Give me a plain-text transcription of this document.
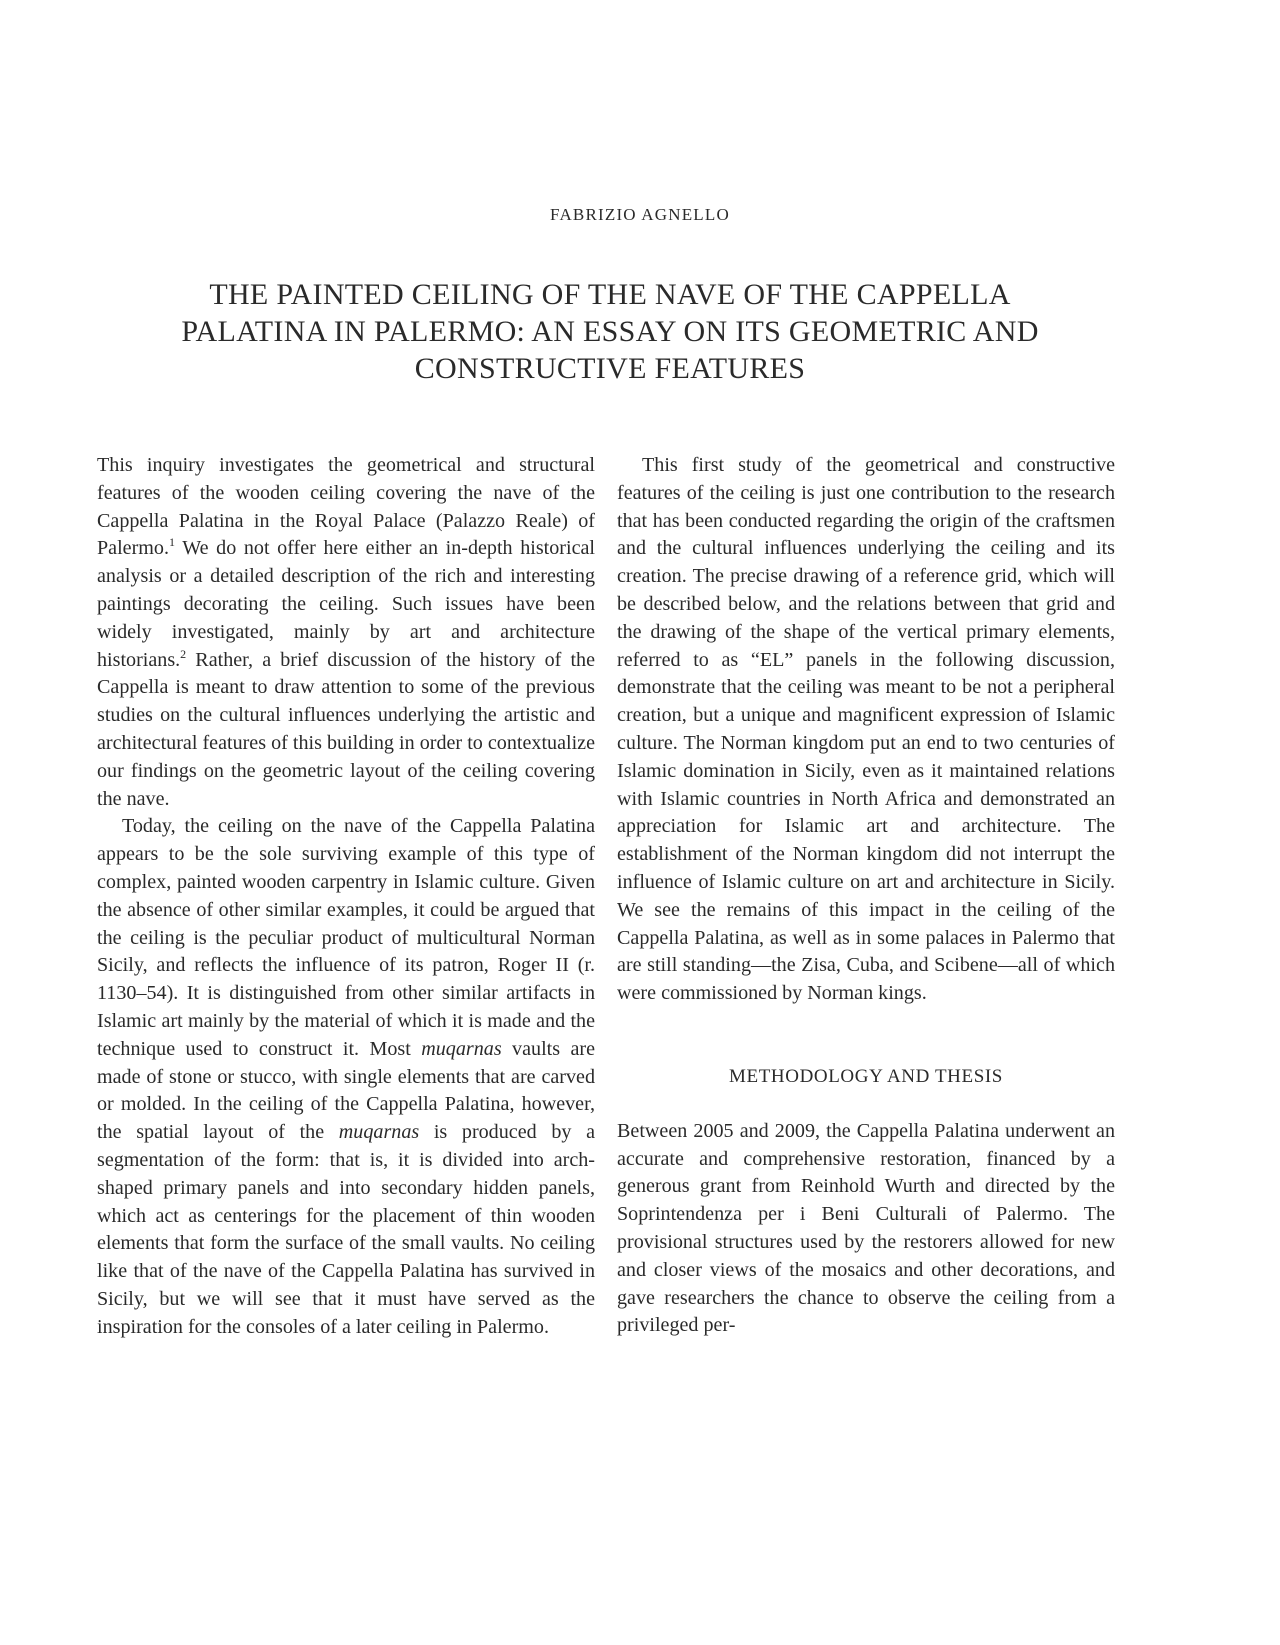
FABRIZIO AGNELLO
THE PAINTED CEILING OF THE NAVE OF THE CAPPELLA
PALATINA IN PALERMO: AN ESSAY ON ITS GEOMETRIC AND
CONSTRUCTIVE FEATURES

This inquiry investigates the geometrical and structural features of the wooden ceiling covering the nave of the Cappella Palatina in the Royal Palace (Palazzo Reale) of Palermo.$^1$ We do not offer here either an in-depth historical analysis or a detailed description of the rich and interesting paintings decorating the ceiling. Such issues have been widely investigated, mainly by art and architecture historians.$^2$ Rather, a brief discussion of the history of the Cappella is meant to draw attention to some of the previous studies on the cultural influences underlying the artistic and architectural features of this building in order to contextualize our findings on the geometric layout of the ceiling covering the nave.

Today, the ceiling on the nave of the Cappella Palatina appears to be the sole surviving example of this type of complex, painted wooden carpentry in Islamic culture. Given the absence of other similar examples, it could be argued that the ceiling is the peculiar product of multicultural Norman Sicily, and reflects the influence of its patron, Roger II (r. 1130–54). It is distinguished from other similar artifacts in Islamic art mainly by the material of which it is made and the technique used to construct it. Most muqarnas vaults are made of stone or stucco, with single elements that are carved or molded. In the ceiling of the Cappella Palatina, however, the spatial layout of the muqarnas is produced by a segmentation of the form: that is, it is divided into arch-shaped primary panels and into secondary hidden panels, which act as centerings for the placement of thin wooden elements that form the surface of the small vaults. No ceiling like that of the nave of the Cappella Palatina has survived in Sicily, but we will see that it must have served as the inspiration for the consoles of a later ceiling in Palermo.

This first study of the geometrical and constructive features of the ceiling is just one contribution to the research that has been conducted regarding the origin of the craftsmen and the cultural influences underlying the ceiling and its creation. The precise drawing of a reference grid, which will be described below, and the relations between that grid and the drawing of the shape of the vertical primary elements, referred to as “EL” panels in the following discussion, demonstrate that the ceiling was meant to be not a peripheral creation, but a unique and magnificent expression of Islamic culture. The Norman kingdom put an end to two centuries of Islamic domination in Sicily, even as it maintained relations with Islamic countries in North Africa and demonstrated an appreciation for Islamic art and architecture. The establishment of the Norman kingdom did not interrupt the influence of Islamic culture on art and architecture in Sicily. We see the remains of this impact in the ceiling of the Cappella Palatina, as well as in some palaces in Palermo that are still standing—the Zisa, Cuba, and Scibene—all of which were commissioned by Norman kings.

METHODOLOGY AND THESIS

Between 2005 and 2009, the Cappella Palatina underwent an accurate and comprehensive restoration, financed by a generous grant from Reinhold Wurth and directed by the Soprintendenza per i Beni Culturali of Palermo. The provisional structures used by the restorers allowed for new and closer views of the mosaics and other decorations, and gave researchers the chance to observe the ceiling from a privileged per-
